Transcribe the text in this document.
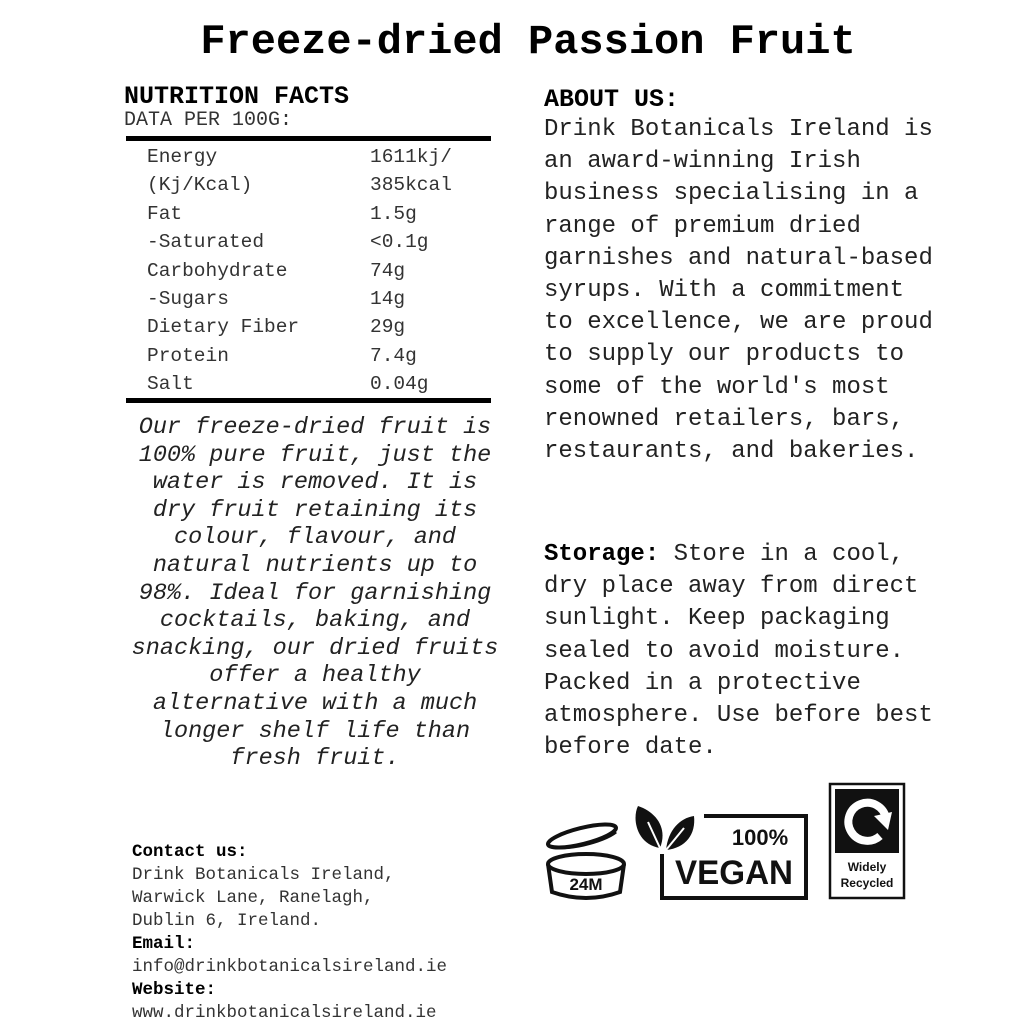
Freeze-dried Passion Fruit
NUTRITION FACTS
DATA PER 100G:
Energy	1611kj/
(Kj/Kcal)	385kcal
Fat	1.5g
-Saturated	<0.1g
Carbohydrate	74g
-Sugars	14g
Dietary Fiber	29g
Protein	7.4g
Salt	0.04g
Our freeze-dried fruit is 100% pure fruit, just the water is removed. It is dry fruit retaining its colour, flavour, and natural nutrients up to 98%. Ideal for garnishing cocktails, baking, and snacking, our dried fruits offer a healthy alternative with a much longer shelf life than fresh fruit.
Contact us:
Drink Botanicals Ireland,
Warwick Lane, Ranelagh,
Dublin 6, Ireland.
Email:
info@drinkbotanicalsireland.ie
Website:
www.drinkbotanicalsireland.ie
ABOUT US:
Drink Botanicals Ireland is an award-winning Irish business specialising in a range of premium dried garnishes and natural-based syrups. With a commitment to excellence, we are proud to supply our products to some of the world's most renowned retailers, bars, restaurants, and bakeries.
Storage: Store in a cool, dry place away from direct sunlight. Keep packaging sealed to avoid moisture. Packed in a protective atmosphere. Use before best before date.
24M
100%
VEGAN	Widely
Recycled
